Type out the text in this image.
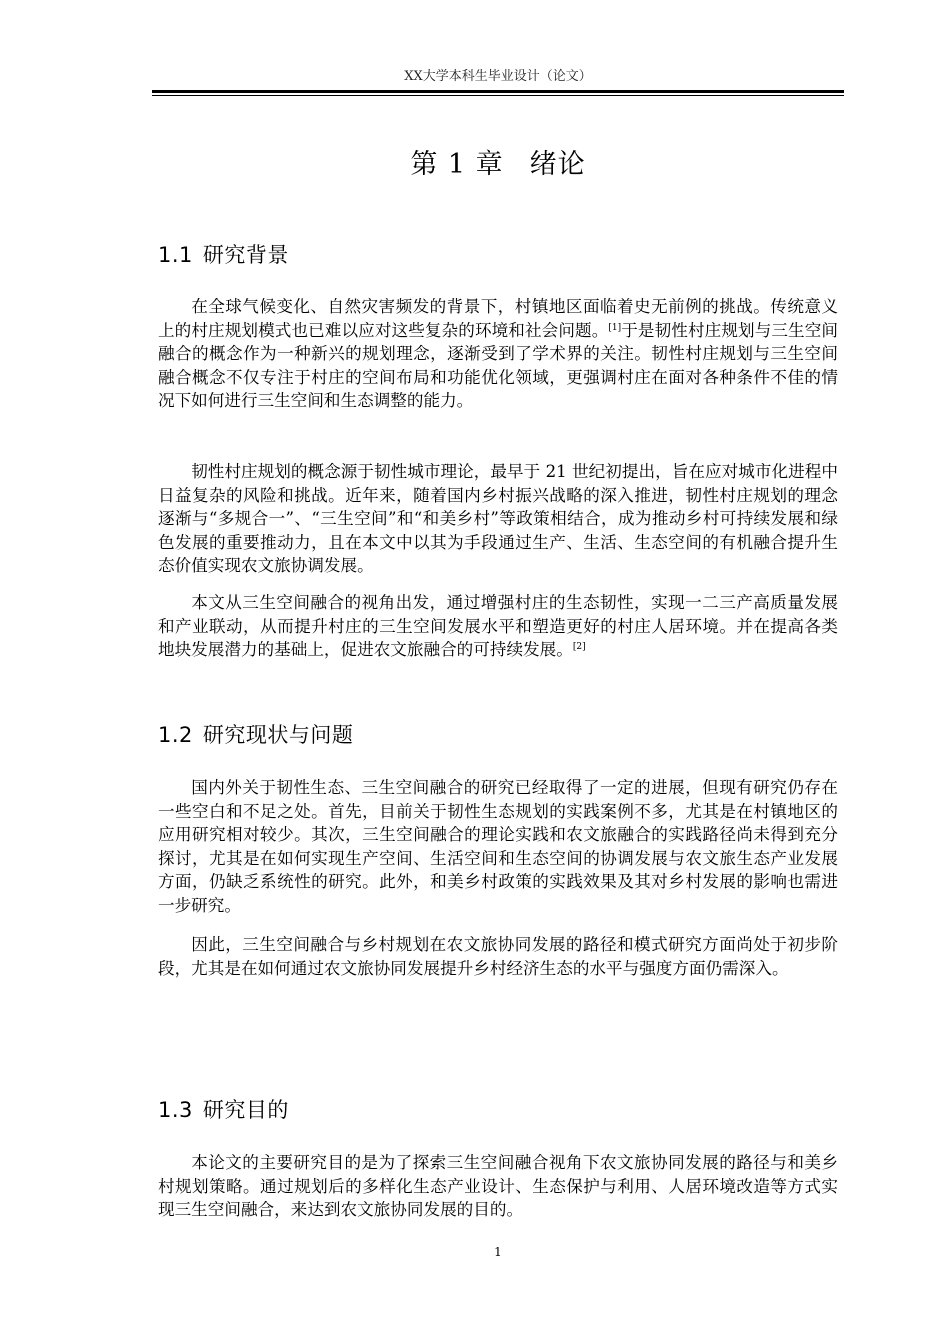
XX大学本科生毕业设计（论文）
第 1 章 绪论
1.1 研究背景

在全球气候变化、自然灾害频发的背景下，村镇地区面临着史无前例的挑战。传统意义上的村庄规划模式也已难以应对这些复杂的环境和社会问题。[1]于是韧性村庄规划与三生空间融合的概念作为一种新兴的规划理念，逐渐受到了学术界的关注。韧性村庄规划与三生空间融合概念不仅专注于村庄的空间布局和功能优化领域，更强调村庄在面对各种条件不佳的情况下如何进行三生空间和生态调整的能力。

韧性村庄规划的概念源于韧性城市理论，最早于 21 世纪初提出，旨在应对城市化进程中日益复杂的风险和挑战。近年来，随着国内乡村振兴战略的深入推进，韧性村庄规划的理念逐渐与“多规合一”、“三生空间”和“和美乡村”等政策相结合，成为推动乡村可持续发展和绿色发展的重要推动力，且在本文中以其为手段通过生产、生活、生态空间的有机融合提升生态价值实现农文旅协调发展。

本文从三生空间融合的视角出发，通过增强村庄的生态韧性，实现一二三产高质量发展和产业联动，从而提升村庄的三生空间发展水平和塑造更好的村庄人居环境。并在提高各类地块发展潜力的基础上，促进农文旅融合的可持续发展。[2]

1.2 研究现状与问题

国内外关于韧性生态、三生空间融合的研究已经取得了一定的进展，但现有研究仍存在一些空白和不足之处。首先，目前关于韧性生态规划的实践案例不多，尤其是在村镇地区的应用研究相对较少。其次，三生空间融合的理论实践和农文旅融合的实践路径尚未得到充分探讨，尤其是在如何实现生产空间、生活空间和生态空间的协调发展与农文旅生态产业发展方面，仍缺乏系统性的研究。此外，和美乡村政策的实践效果及其对乡村发展的影响也需进一步研究。

因此，三生空间融合与乡村规划在农文旅协同发展的路径和模式研究方面尚处于初步阶段，尤其是在如何通过农文旅协同发展提升乡村经济生态的水平与强度方面仍需深入。

1.3 研究目的

本论文的主要研究目的是为了探索三生空间融合视角下农文旅协同发展的路径与和美乡村规划策略。通过规划后的多样化生态产业设计、生态保护与利用、人居环境改造等方式实现三生空间融合，来达到农文旅协同发展的目的。

1
